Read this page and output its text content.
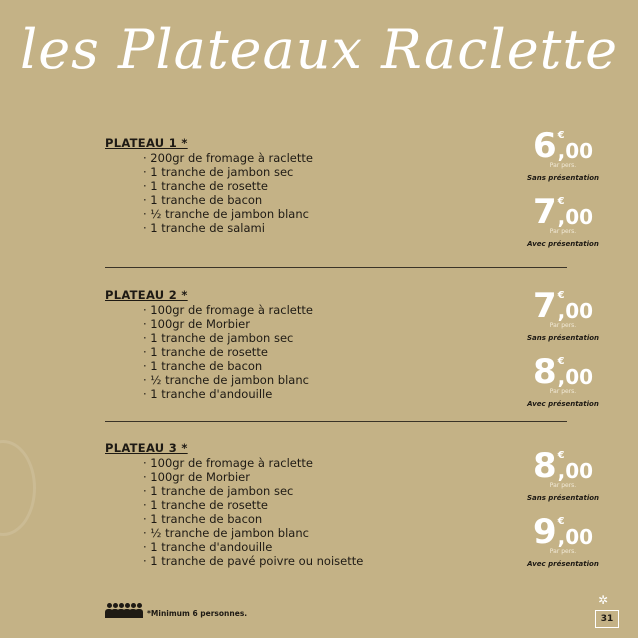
les Plateaux Raclette
PLATEAU 1 *
· 200gr de fromage à raclette
· 1 tranche de jambon sec
· 1 tranche de rosette
· 1 tranche de bacon
· ½ tranche de jambon blanc
· 1 tranche de salami
6 €
,00
Par pers.
Sans présentation
7 €
,00
Par pers.
Avec présentation
PLATEAU 2 *
· 100gr de fromage à raclette
· 100gr de Morbier
· 1 tranche de jambon sec
· 1 tranche de rosette
· 1 tranche de bacon
· ½ tranche de jambon blanc
· 1 tranche d'andouille
7 €
,00
Par pers.
Sans présentation
8 €
,00
Par pers.
Avec présentation
PLATEAU 3 *
· 100gr de fromage à raclette
· 100gr de Morbier
· 1 tranche de jambon sec
· 1 tranche de rosette
· 1 tranche de bacon
· ½ tranche de jambon blanc
· 1 tranche d'andouille
· 1 tranche de pavé poivre ou noisette
8 €
,00
Par pers.
Sans présentation
9 €
,00
Par pers.
Avec présentation
*Minimum 6 personnes.
✲
31
